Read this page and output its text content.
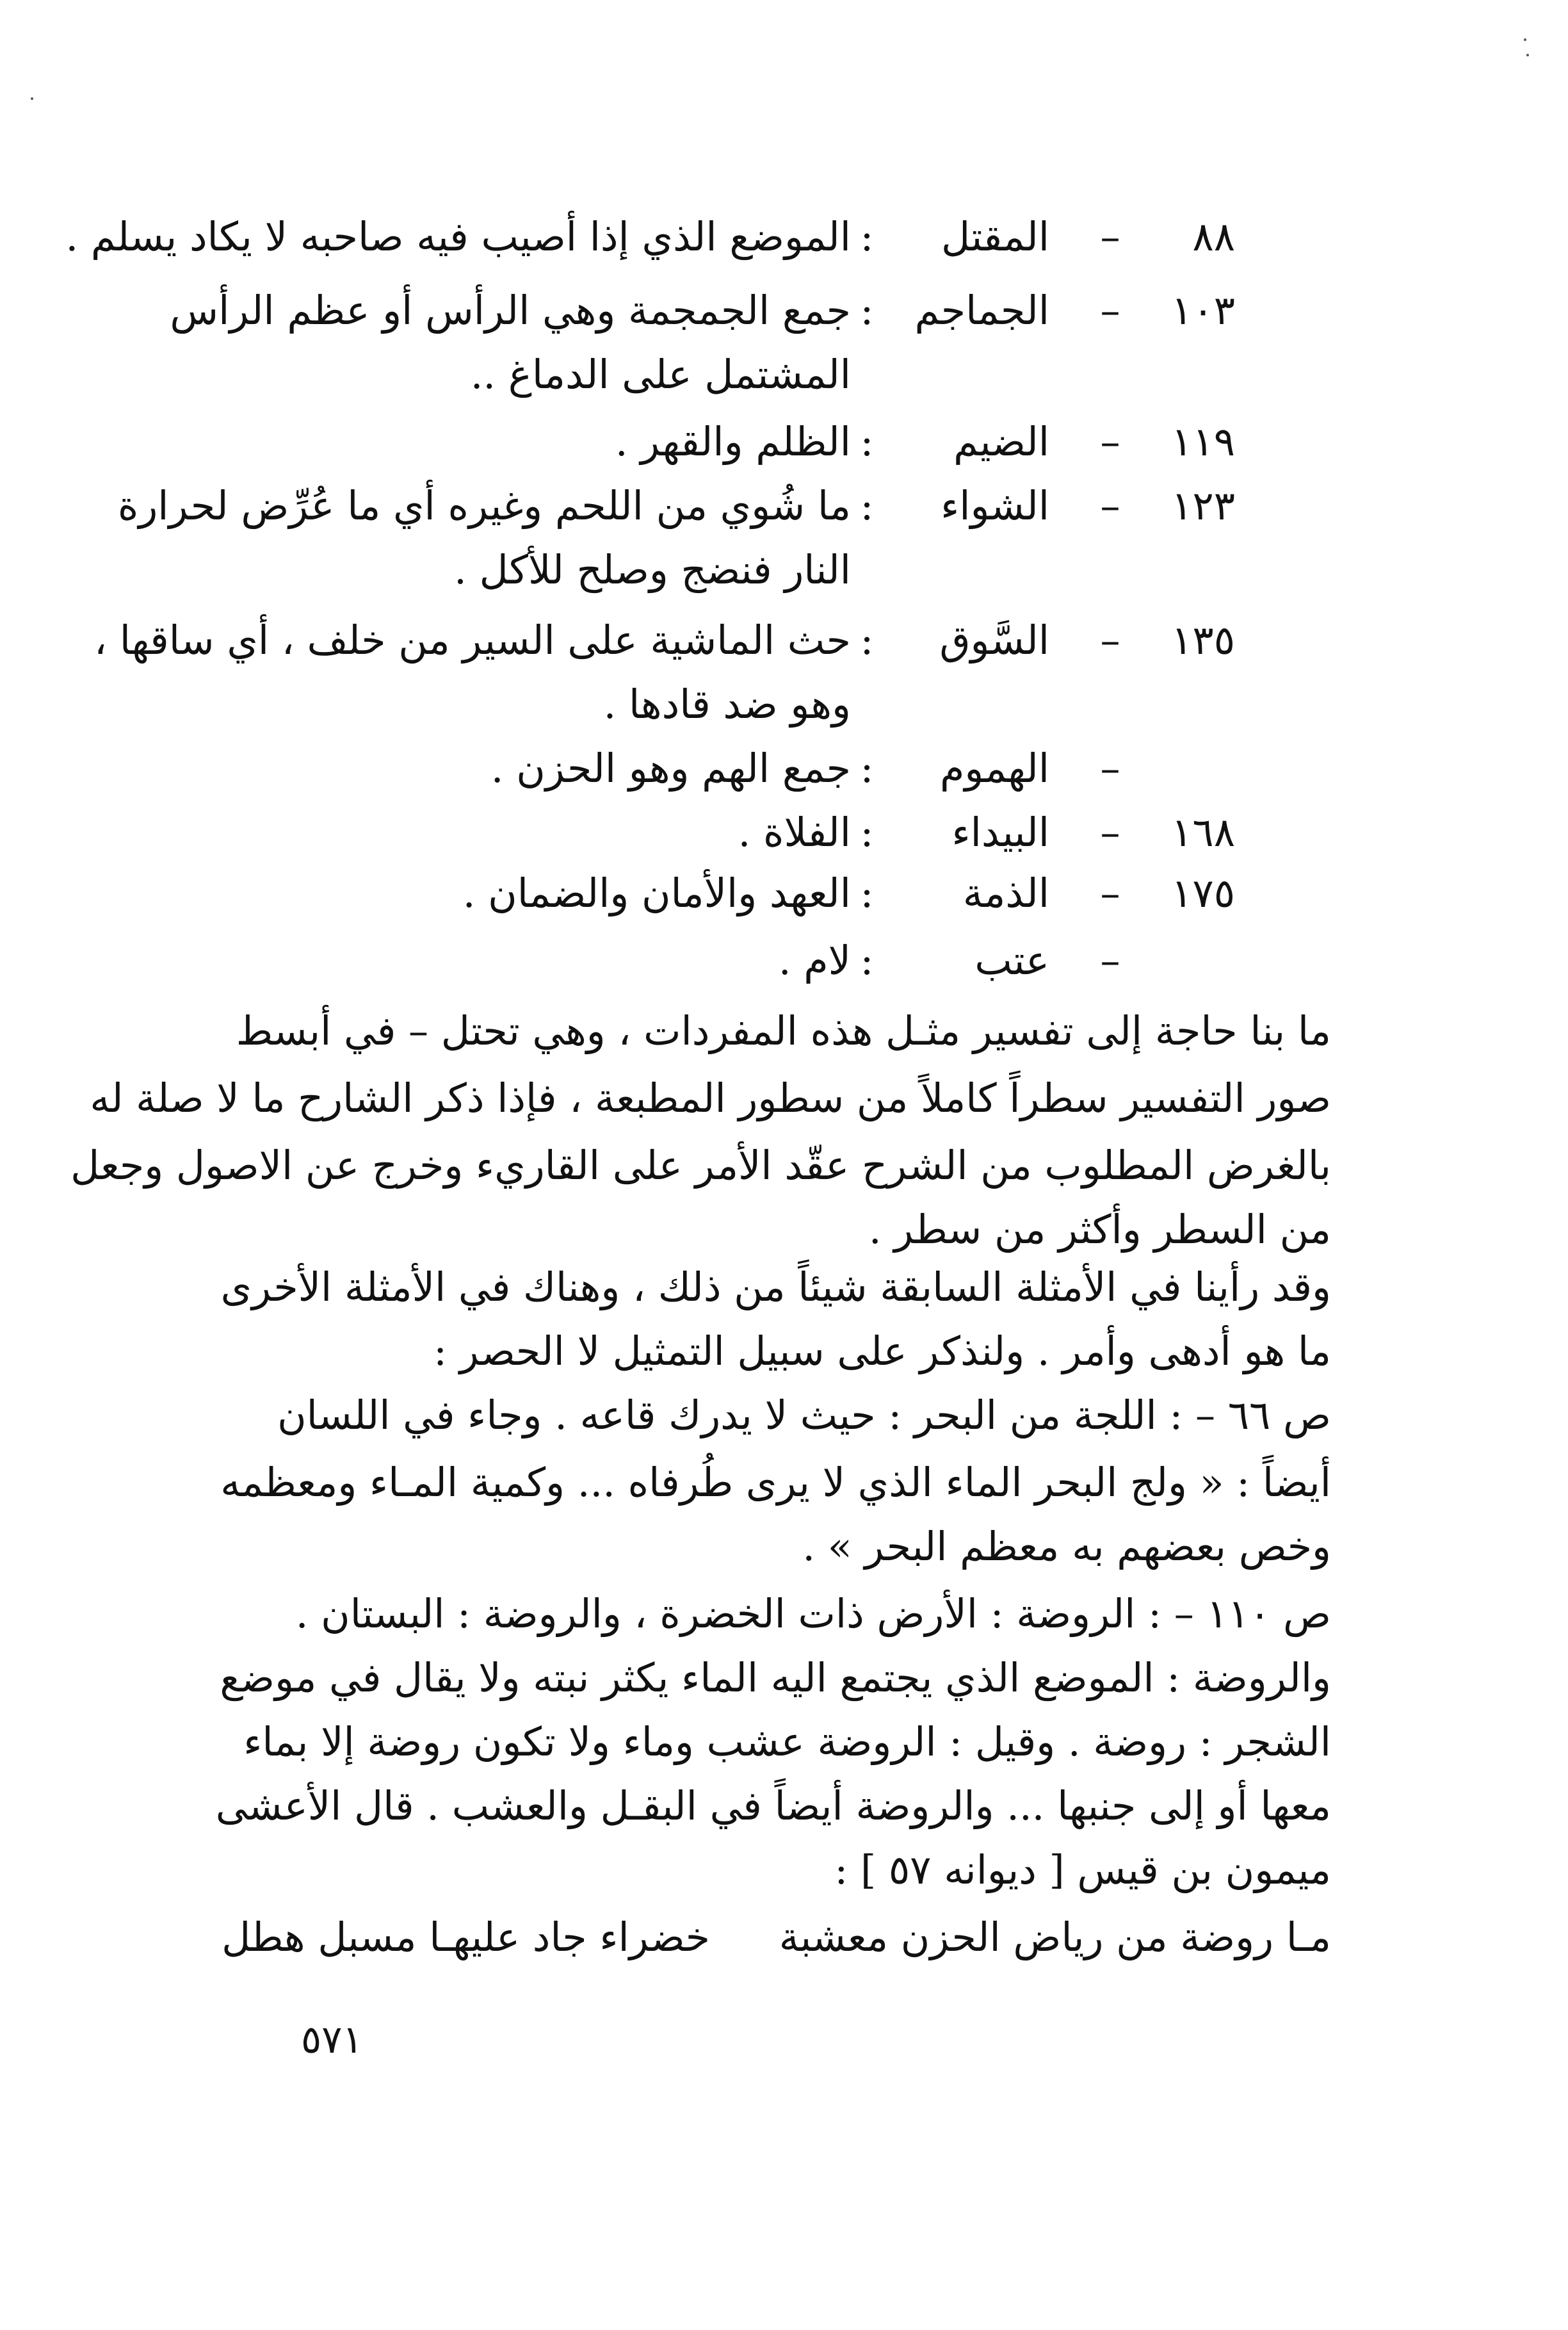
٨٨
–
المقتل
:
الموضع الذي إذا أصيب فيه صاحبه لا يكاد يسلم .
١٠٣
–
الجماجم
:
جمع الجمجمة وهي الرأس أو عظم الرأس
المشتمل على الدماغ ..
١١٩
–
الضيم
:
الظلم والقهر .
١٢٣
–
الشواء
:
ما شُوي من اللحم وغيره أي ما عُرِّض لحرارة
النار فنضج وصلح للأكل .
١٣٥
–
السَّوق
:
حث الماشية على السير من خلف ، أي ساقها ،
وهو ضد قادها .
–
الهموم
:
جمع الهم وهو الحزن .
١٦٨
–
البيداء
:
الفلاة .
١٧٥
–
الذمة
:
العهد والأمان والضمان .
–
عتب
:
لام .
ما بنا حاجة إلى تفسير مثـل هذه المفردات ، وهي تحتل – في أبسط
صور التفسير سطراً كاملاً من سطور المطبعة ، فإذا ذكر الشارح ما لا صلة له
بالغرض المطلوب من الشرح عقّد الأمر على القاريء وخرج عن الاصول وجعل
من السطر وأكثر من سطر .
وقد رأينا في الأمثلة السابقة شيئاً من ذلك ، وهناك في الأمثلة الأخرى
ما هو أدهى وأمر . ولنذكر على سبيل التمثيل لا الحصر :
ص ٦٦ – : اللجة من البحر : حيث لا يدرك قاعه . وجاء في اللسان
أيضاً : « ولج البحر الماء الذي لا يرى طُرفاه ... وكمية المـاء ومعظمه
وخص بعضهم به معظم البحر » .
ص ١١٠ – : الروضة : الأرض ذات الخضرة ، والروضة : البستان .
والروضة : الموضع الذي يجتمع اليه الماء يكثر نبته ولا يقال في موضع
الشجر : روضة . وقيل : الروضة عشب وماء ولا تكون روضة إلا بماء
معها أو إلى جنبها ... والروضة أيضاً في البقـل والعشب . قال الأعشى
ميمون بن قيس [ ديوانه ٥٧ ] :
مـا روضة من رياض الحزن معشبة
خضراء جاد عليهـا مسبل هطل
٥٧١
